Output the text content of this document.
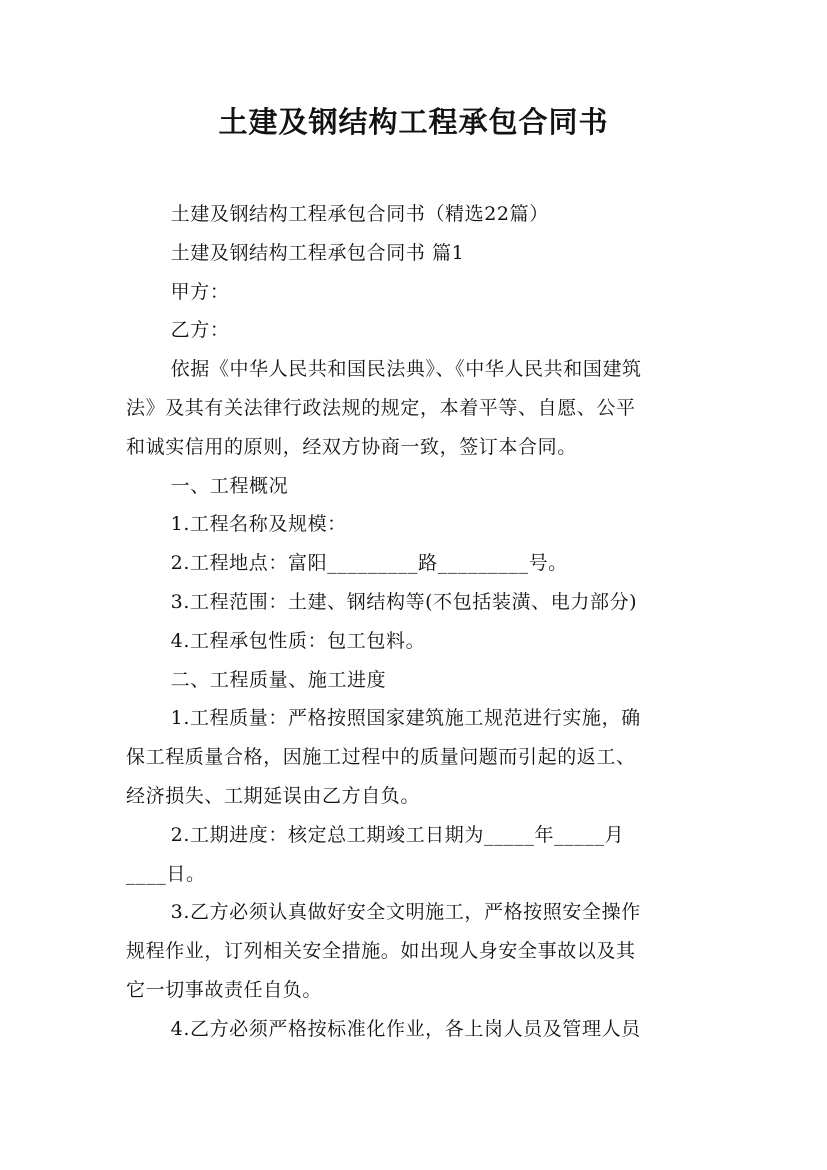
土建及钢结构工程承包合同书

土建及钢结构工程承包合同书（精选22篇）

土建及钢结构工程承包合同书 篇1

甲方：

乙方：

依据《中华人民共和国民法典》、《中华人民共和国建筑

法》及其有关法律行政法规的规定，本着平等、自愿、公平

和诚实信用的原则，经双方协商一致，签订本合同。

一、工程概况

1.工程名称及规模：

2.工程地点：富阳_________路_________号。

3.工程范围：土建、钢结构等(不包括装潢、电力部分)

4.工程承包性质：包工包料。

二、工程质量、施工进度

1.工程质量：严格按照国家建筑施工规范进行实施，确

保工程质量合格，因施工过程中的质量问题而引起的返工、

经济损失、工期延误由乙方自负。

2.工期进度：核定总工期竣工日期为_____年_____月

____日。

3.乙方必须认真做好安全文明施工，严格按照安全操作

规程作业，订列相关安全措施。如出现人身安全事故以及其

它一切事故责任自负。

4.乙方必须严格按标准化作业，各上岗人员及管理人员
